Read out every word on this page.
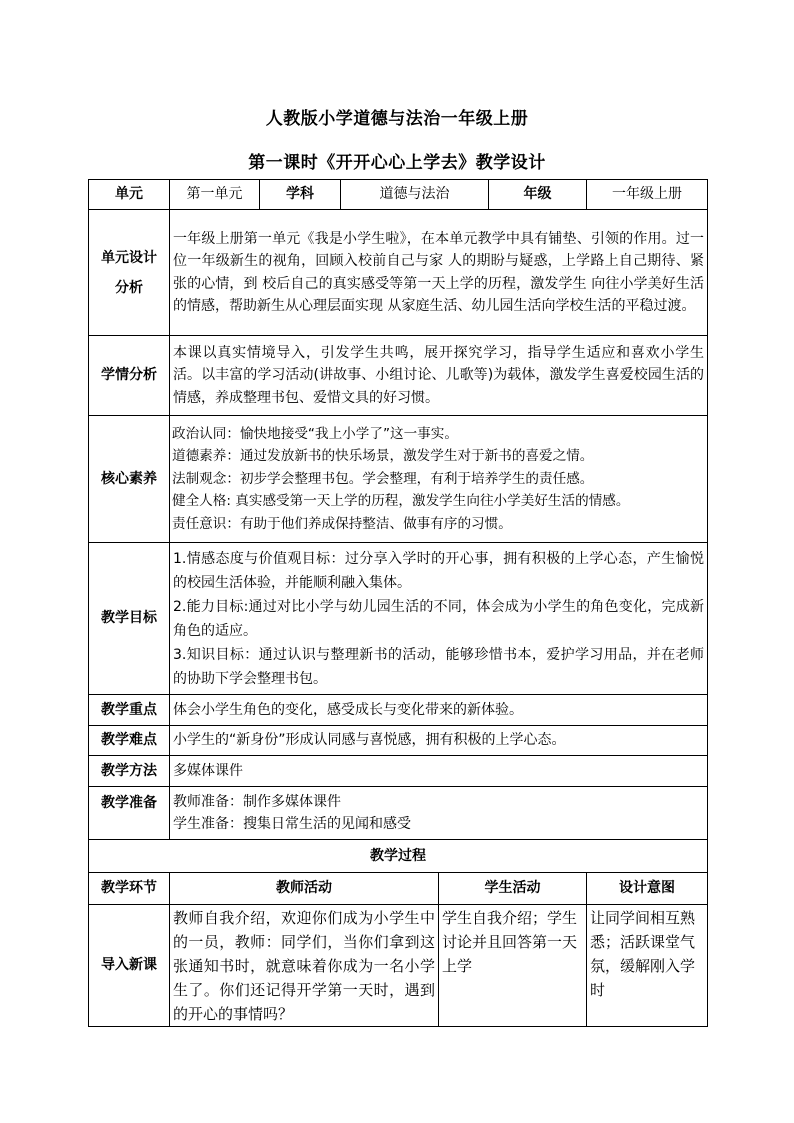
人教版小学道德与法治一年级上册
第一课时《开开心心上学去》教学设计
单元	第一单元	学科	道德与法治		年级	一年级上册
单元设计分析	一年级上册第一单元《我是小学生啦》，在本单元教学中具有铺垫、引领的作用。过一位一年级新生的视角，回顾入校前自己与家 人的期盼与疑惑，上学路上自己期待、紧张的心情，到 校后自己的真实感受等第一天上学的历程，激发学生 向往小学美好生活的情感，帮助新生从心理层面实现 从家庭生活、幼儿园生活向学校生活的平稳过渡。					
学情分析	本课以真实情境导入，引发学生共鸣，展开探究学习，指导学生适应和喜欢小学生活。以丰富的学习活动(讲故事、小组讨论、儿歌等)为载体，激发学生喜爱校园生活的情感，养成整理书包、爱惜文具的好习惯。					
核心素养	政治认同：愉快地接受“我上小学了”这一事实。
道德素养：通过发放新书的快乐场景，激发学生对于新书的喜爱之情。
法制观念：初步学会整理书包。学会整理，有利于培养学生的责任感。
健全人格: 真实感受第一天上学的历程，激发学生向往小学美好生活的情感。
责任意识：有助于他们养成保持整洁、做事有序的习惯。					

教学目标	1.情感态度与价值观目标：过分享入学时的开心事，拥有积极的上学心态，产生愉悦的校园生活体验，并能顺利融入集体。
2.能力目标:通过对比小学与幼儿园生活的不同，体会成为小学生的角色变化，完成新角色的适应。
3.知识目标：通过认识与整理新书的活动，能够珍惜书本，爱护学习用品，并在老师的协助下学会整理书包。					

教学重点	体会小学生角色的变化，感受成长与变化带来的新体验。					
教学难点	小学生的“新身份”形成认同感与喜悦感，拥有积极的上学心态。					
教学方法	多媒体课件					
教学准备	教师准备：制作多媒体课件
学生准备：搜集日常生活的见闻和感受					

教学过程						
教学环节	教师活动			学生活动		设计意图
导入新课	教师自我介绍，欢迎你们成为小学生中的一员，教师：同学们，当你们拿到这张通知书时，就意味着你成为一名小学生了。你们还记得开学第一天时，遇到的开心的事情吗？			学生自我介绍；学生讨论并且回答第一天上学		让同学间相互熟悉；活跃课堂气氛，缓解刚入学时
